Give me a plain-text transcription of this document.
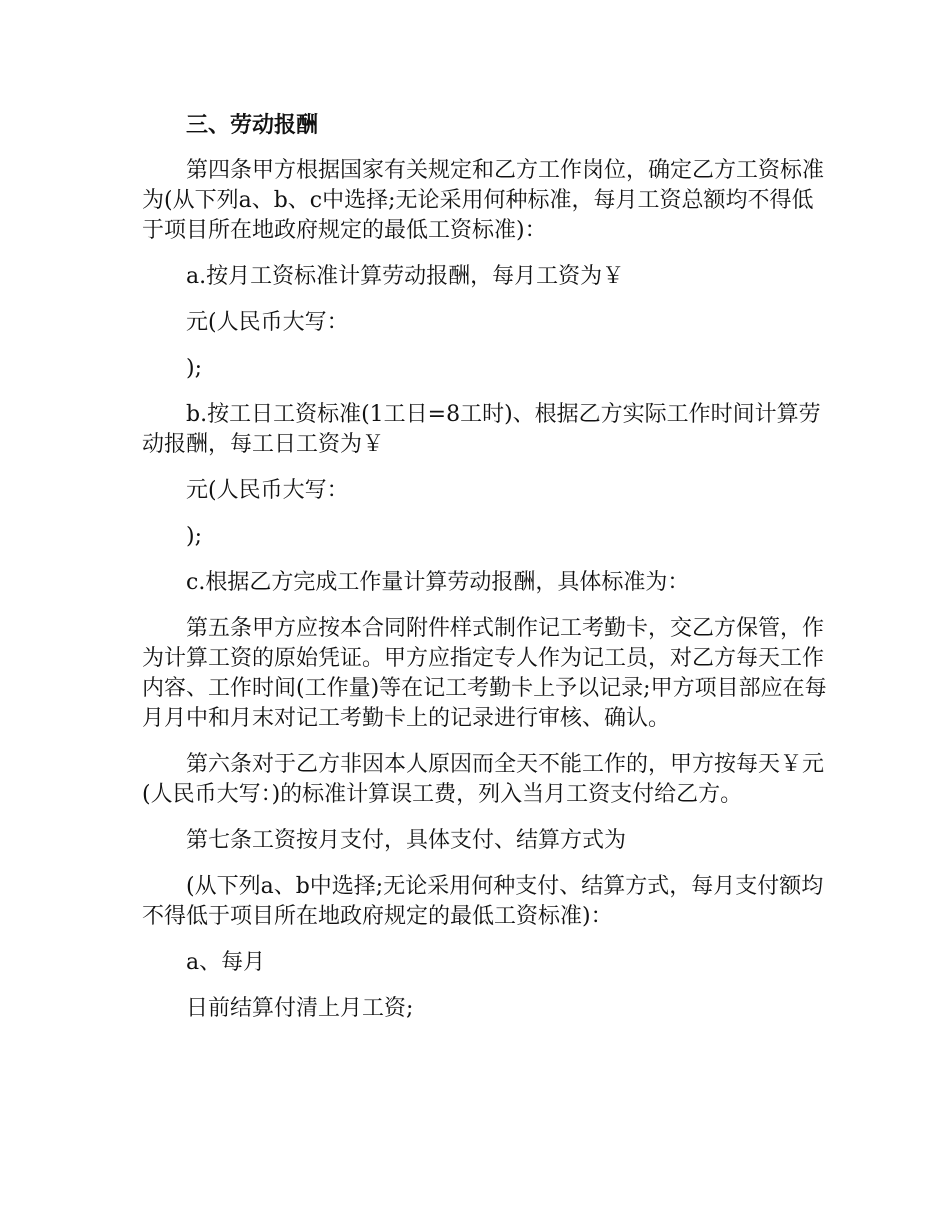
三、劳动报酬

第四条甲方根据国家有关规定和乙方工作岗位，确定乙方工资标准为(从下列a、b、c中选择;无论采用何种标准，每月工资总额均不得低于项目所在地政府规定的最低工资标准)：

a.按月工资标准计算劳动报酬，每月工资为￥

元(人民币大写：

);

b.按工日工资标准(1工日=8工时)、根据乙方实际工作时间计算劳动报酬，每工日工资为￥

元(人民币大写：

);

c.根据乙方完成工作量计算劳动报酬，具体标准为：

第五条甲方应按本合同附件样式制作记工考勤卡，交乙方保管，作为计算工资的原始凭证。甲方应指定专人作为记工员，对乙方每天工作内容、工作时间(工作量)等在记工考勤卡上予以记录;甲方项目部应在每月月中和月末对记工考勤卡上的记录进行审核、确认。

第六条对于乙方非因本人原因而全天不能工作的，甲方按每天￥元(人民币大写：)的标准计算误工费，列入当月工资支付给乙方。

第七条工资按月支付，具体支付、结算方式为

(从下列a、b中选择;无论采用何种支付、结算方式，每月支付额均不得低于项目所在地政府规定的最低工资标准)：

a、每月

日前结算付清上月工资;
